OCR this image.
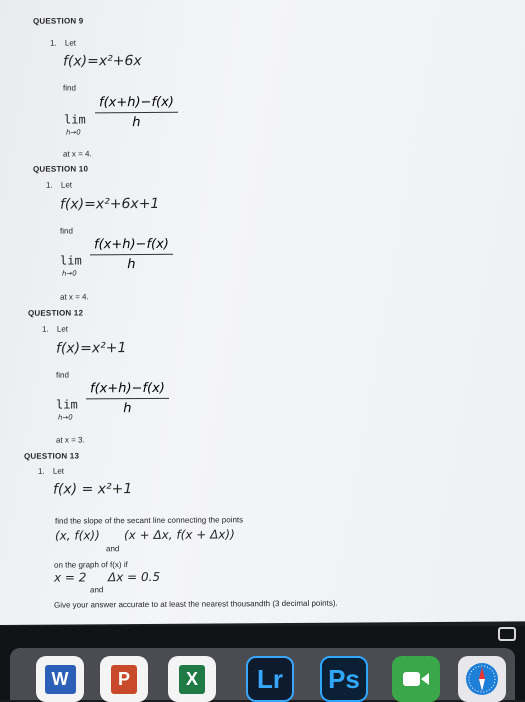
QUESTION 9
1. Let
f(x)=x²+6x
find
lim
h→0
f(x+h)−f(x)
h
at x = 4.
QUESTION 10
1. Let
f(x)=x²+6x+1
find
lim
h→0
f(x+h)−f(x)
h
at x = 4.
QUESTION 12
1. Let
f(x)=x²+1
find
lim
h→0
f(x+h)−f(x)
h
at x = 3.
QUESTION 13
1. Let
f(x) = x²+1
find the slope of the secant line connecting the points
(x, f(x)) (x + Δx, f(x + Δx))
and
on the graph of f(x) if
x = 2 Δx = 0.5
and
Give your answer accurate to at least the nearest thousandth (3 decimal points).
W	P	X Lr Ps
